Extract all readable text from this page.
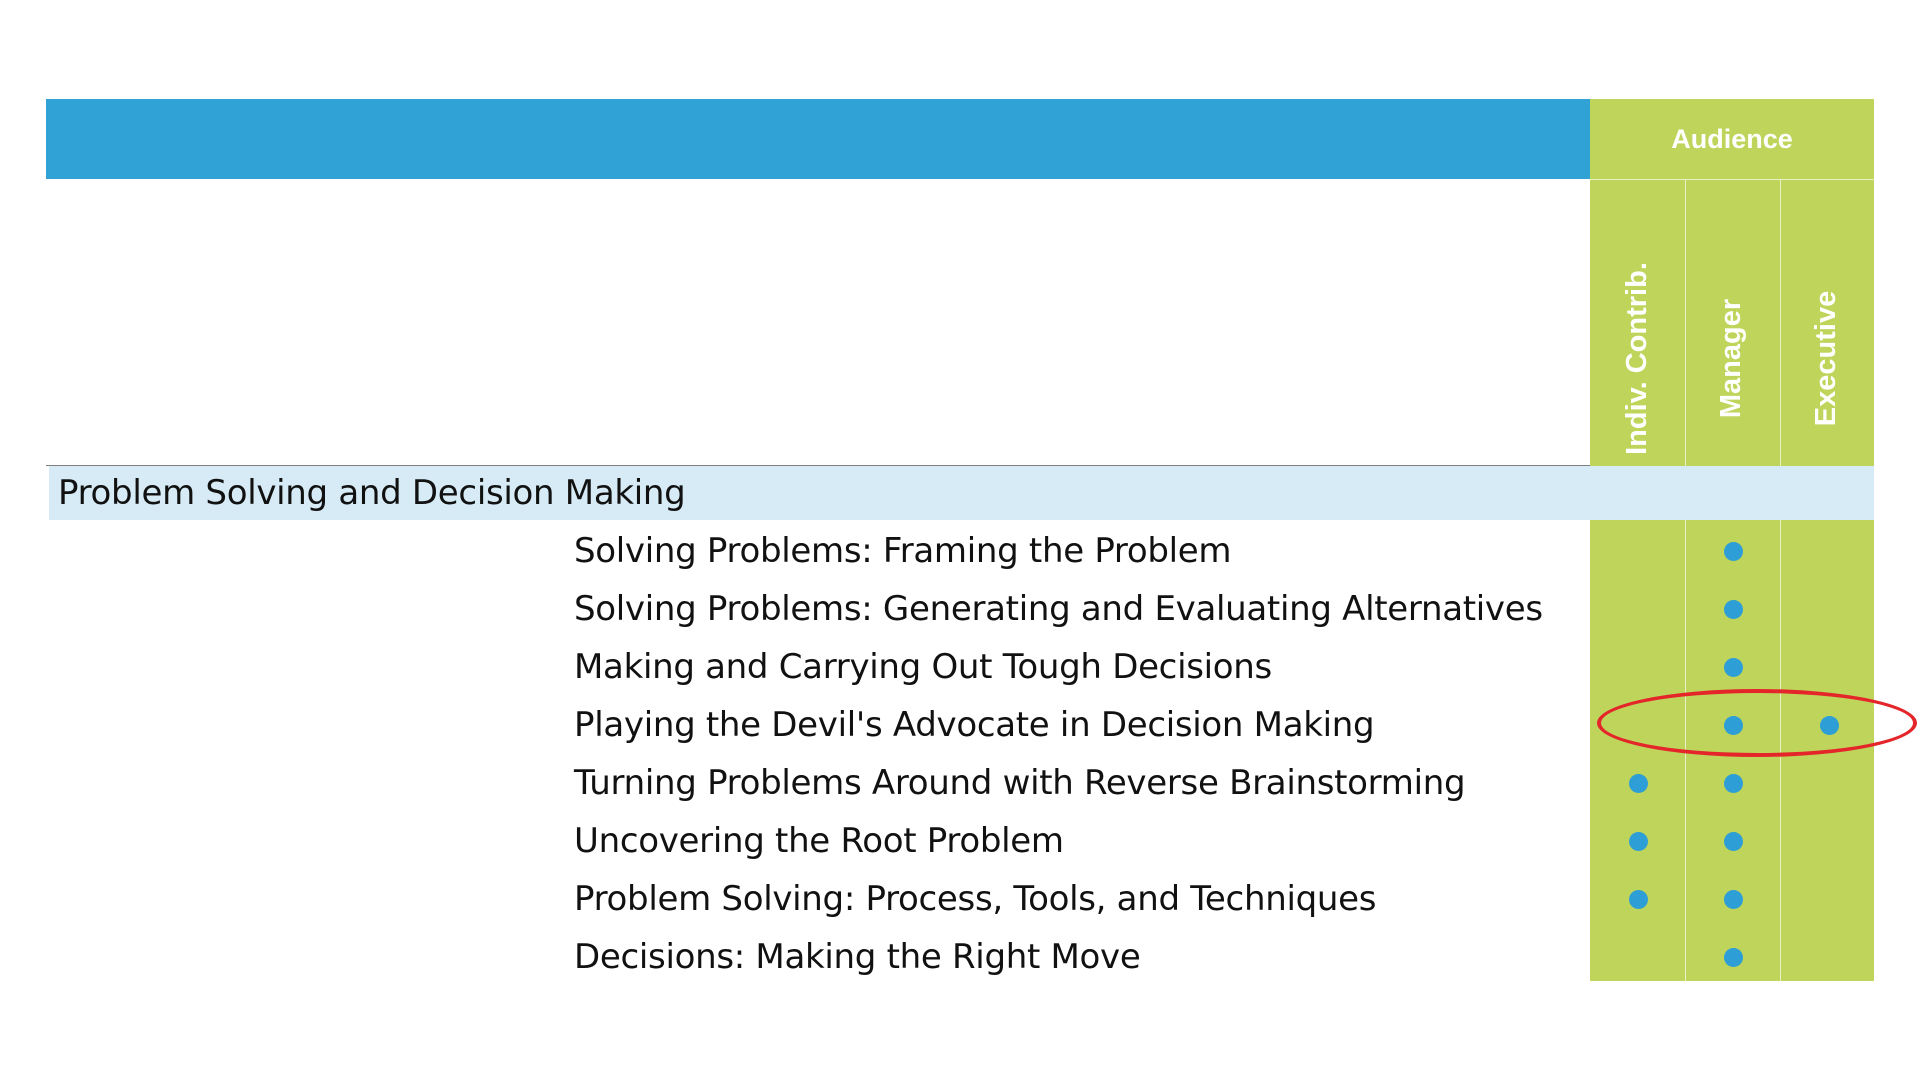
Audience
Indiv. Contrib. Manager Executive
Problem Solving and Decision Making
Solving Problems: Framing the Problem
Solving Problems: Generating and Evaluating Alternatives
Making and Carrying Out Tough Decisions
Playing the Devil's Advocate in Decision Making
Turning Problems Around with Reverse Brainstorming
Uncovering the Root Problem
Problem Solving: Process, Tools, and Techniques
Decisions: Making the Right Move
